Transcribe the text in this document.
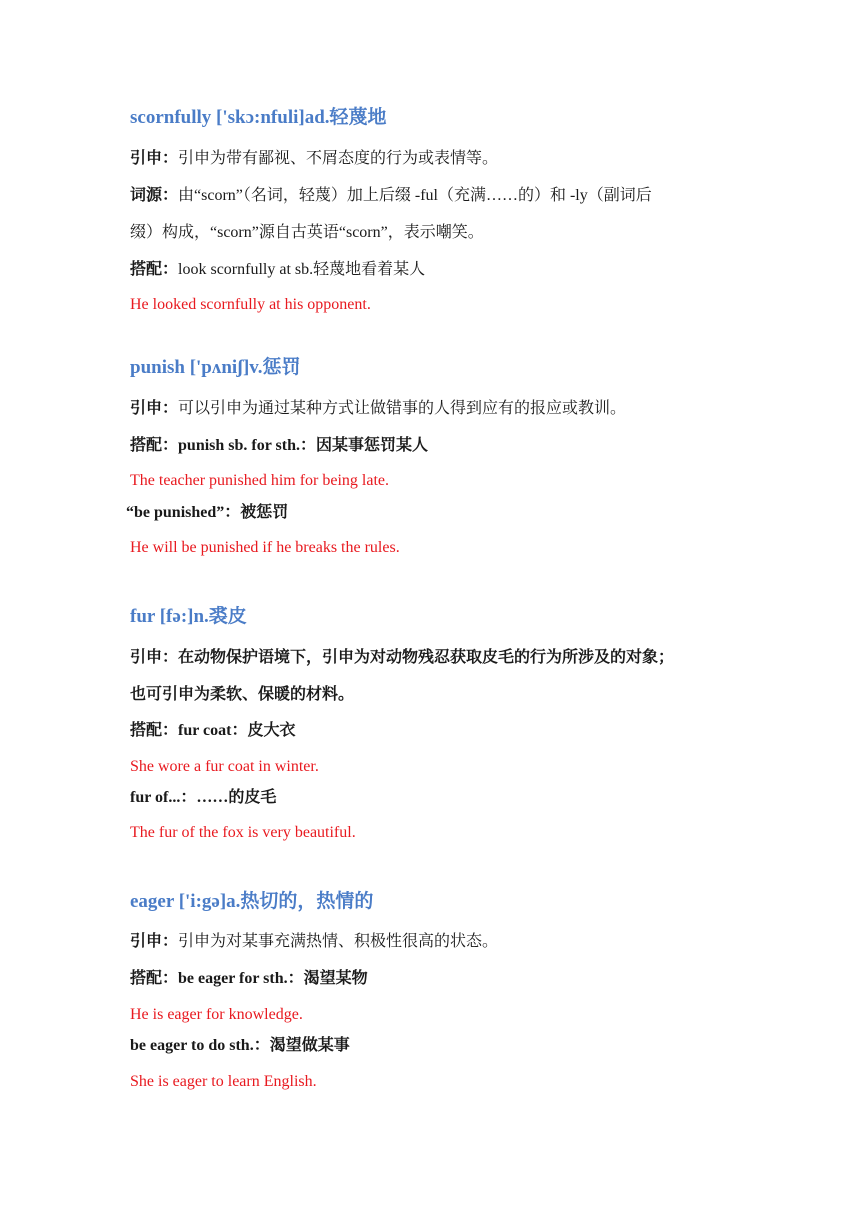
scornfully ['skɔ:nfuli]ad.轻蔑地
引申：引申为带有鄙视、不屑态度的行为或表情等。
词源：由“scorn”（名词，轻蔑）加上后缀 -ful（充满……的）和 -ly（副词后
缀）构成，“scorn”源自古英语“scorn”，表示嘲笑。
搭配：look scornfully at sb.轻蔑地看着某人
He looked scornfully at his opponent.
punish ['pʌniʃ]v.惩罚
引申：可以引申为通过某种方式让做错事的人得到应有的报应或教训。
搭配：punish sb. for sth.：因某事惩罚某人
The teacher punished him for being late.
“be punished”：被惩罚
He will be punished if he breaks the rules.
fur [fə:]n.裘皮
引申：在动物保护语境下，引申为对动物残忍获取皮毛的行为所涉及的对象；
也可引申为柔软、保暖的材料。
搭配：fur coat：皮大衣
She wore a fur coat in winter.
fur of...：……的皮毛
The fur of the fox is very beautiful.
eager ['i:gə]a.热切的，热情的
引申：引申为对某事充满热情、积极性很高的状态。
搭配：be eager for sth.：渴望某物
He is eager for knowledge.
be eager to do sth.：渴望做某事
She is eager to learn English.
